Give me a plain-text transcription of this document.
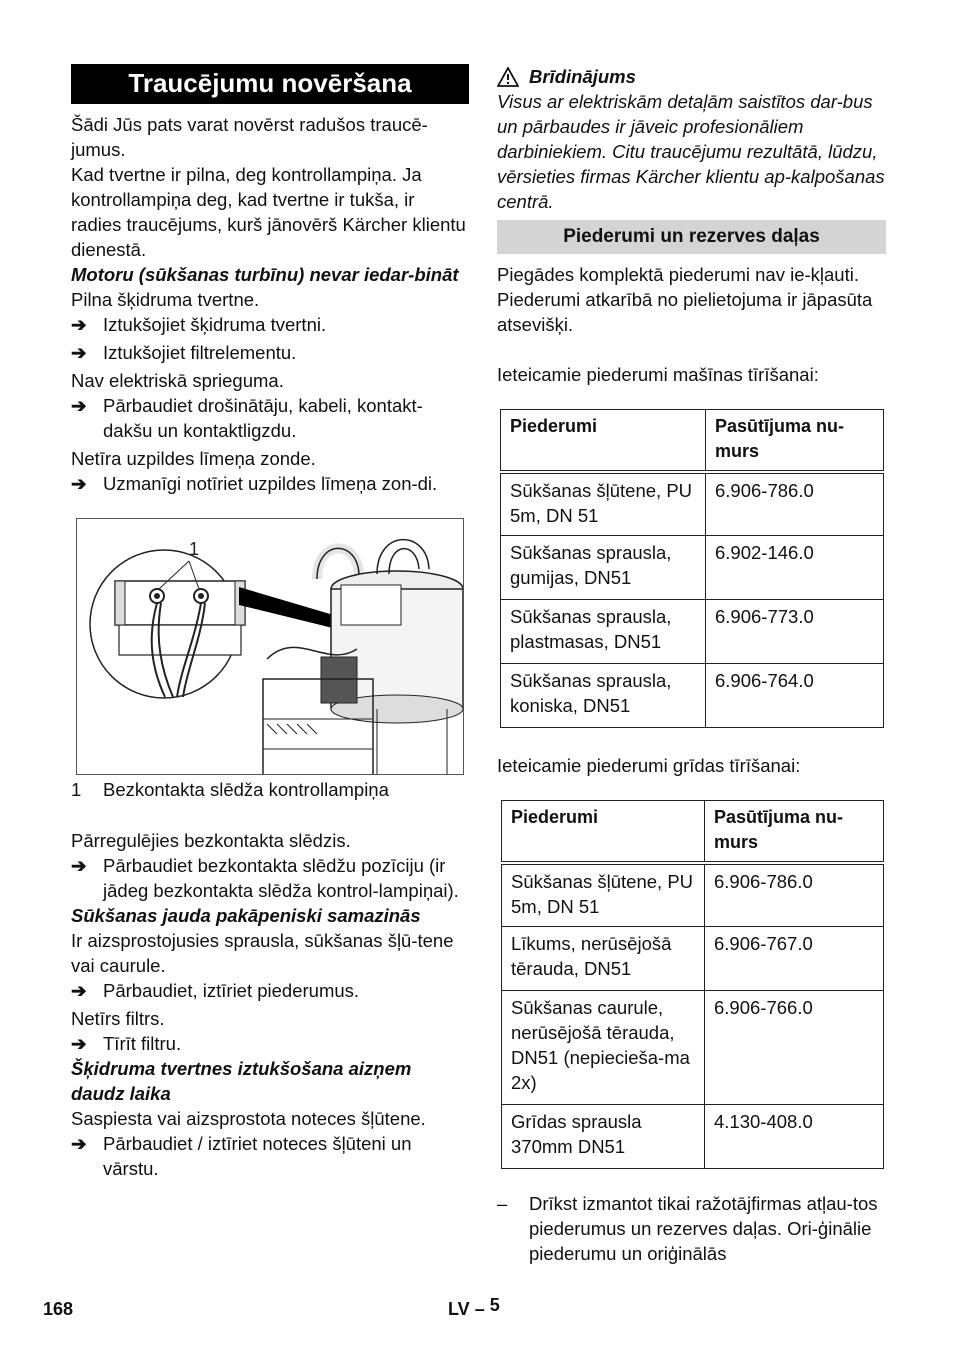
Traucējumu novēršana

Šādi Jūs pats varat novērst radušos traucē-jumus.

Kad tvertne ir pilna, deg kontrollampiņa. Ja kontrollampiņa deg, kad tvertne ir tukša, ir radies traucējums, kurš jānovērš Kärcher klientu dienestā.

Motoru (sūkšanas turbīnu) nevar iedar-bināt

Pilna šķidruma tvertne.

➔ Iztukšojiet šķidruma tvertni.
➔ Iztukšojiet filtrelementu.

Nav elektriskā sprieguma.

➔ Pārbaudiet drošinātāju, kabeli, kontakt-dakšu un kontaktligzdu.

Netīra uzpildes līmeņa zonde.

➔ Uzmanīgi notīriet uzpildes līmeņa zon-di.
1
1	Bezkontakta slēdža kontrollampiņa

Pārregulējies bezkontakta slēdzis.

➔ Pārbaudiet bezkontakta slēdžu pozīciju (ir jādeg bezkontakta slēdža kontrol-lampiņai).

Sūkšanas jauda pakāpeniski samazinās

Ir aizsprostojusies sprausla, sūkšanas šļū-tene vai caurule.

➔ Pārbaudiet, iztīriet piederumus.

Netīrs filtrs.

➔ Tīrīt filtru.

Šķidruma tvertnes iztukšošana aizņem daudz laika

Saspiesta vai aizsprostota noteces šļūtene.

➔ Pārbaudiet / iztīriet noteces šļūteni un vārstu.
Brīdinājums

Visus ar elektriskām detaļām saistītos dar-bus un pārbaudes ir jāveic profesionāliem darbiniekiem. Citu traucējumu rezultātā, lūdzu, vērsieties firmas Kärcher klientu ap-kalpošanas centrā.

Piederumi un rezerves daļas

Piegādes komplektā piederumi nav ie-kļauti. Piederumi atkarībā no pielietojuma ir jāpasūta atsevišķi.

Ieteicamie piederumi mašīnas tīrīšanai:

Piederumi	Pasūtījuma nu-murs
Sūkšanas šļūtene, PU 5m, DN 51	6.906-786.0
Sūkšanas sprausla, gumijas, DN51	6.902-146.0
Sūkšanas sprausla, plastmasas, DN51	6.906-773.0
Sūkšanas sprausla, koniska, DN51	6.906-764.0

Ieteicamie piederumi grīdas tīrīšanai:

Piederumi	Pasūtījuma nu-murs
Sūkšanas šļūtene, PU 5m, DN 51	6.906-786.0
Līkums, nerūsējošā tērauda, DN51	6.906-767.0
Sūkšanas caurule, nerūsējošā tērauda, DN51 (nepiecieša-ma 2x)	6.906-766.0
Grīdas sprausla 370mm DN51	4.130-408.0
–	Drīkst izmantot tikai ražotājfirmas atļau-tos piederumus un rezerves daļas. Ori-ģinālie piederumu un oriģinālās
168	LV – 5
